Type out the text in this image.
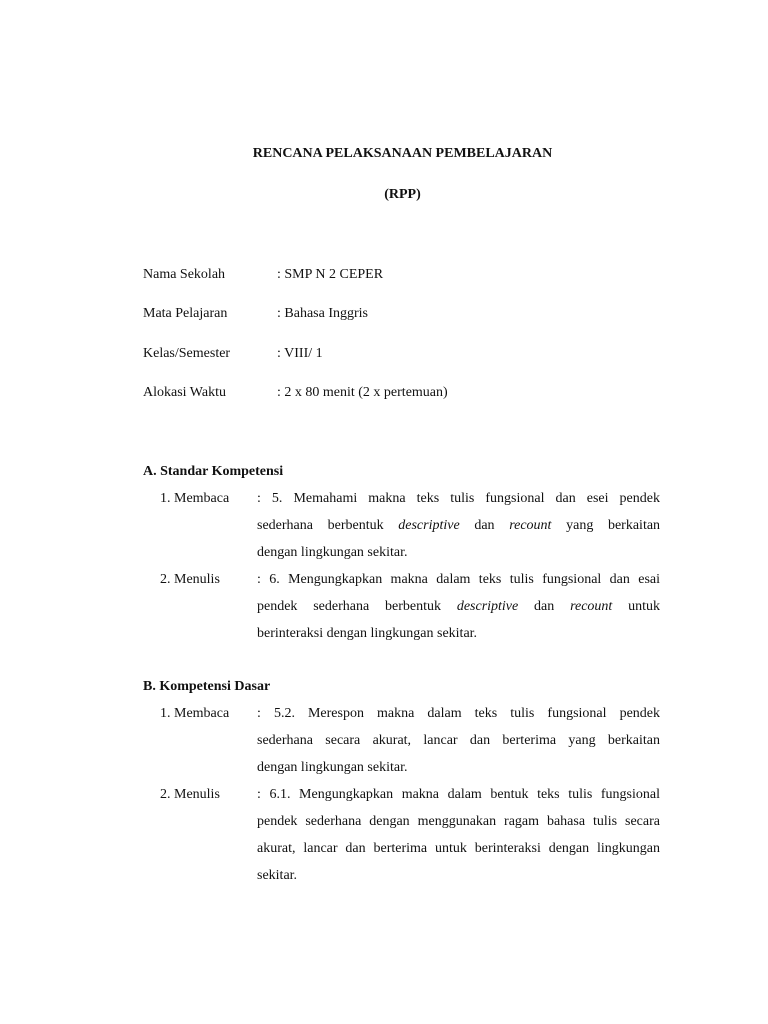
RENCANA PELAKSANAAN PEMBELAJARAN
(RPP)
Nama Sekolah	: SMP N 2 CEPER
Mata Pelajaran	: Bahasa Inggris
Kelas/Semester	: VIII/ 1
Alokasi Waktu	: 2 x 80 menit (2 x pertemuan)
A. Standar Kompetensi
1. Membaca : 5. Memahami makna teks tulis fungsional dan esei pendek
sederhana berbentuk descriptive dan recount yang berkaitan
dengan lingkungan sekitar.
2. Menulis	: 6. Mengungkapkan makna dalam teks tulis fungsional dan esai
pendek sederhana berbentuk descriptive dan recount untuk
berinteraksi dengan lingkungan sekitar.
B. Kompetensi Dasar
1. Membaca : 5.2. Merespon makna dalam teks tulis fungsional pendek
sederhana secara akurat, lancar dan berterima yang berkaitan
dengan lingkungan sekitar.
2. Menulis	: 6.1. Mengungkapkan makna dalam bentuk teks tulis fungsional
pendek sederhana dengan menggunakan ragam bahasa tulis secara
akurat, lancar dan berterima untuk berinteraksi dengan lingkungan
sekitar.
